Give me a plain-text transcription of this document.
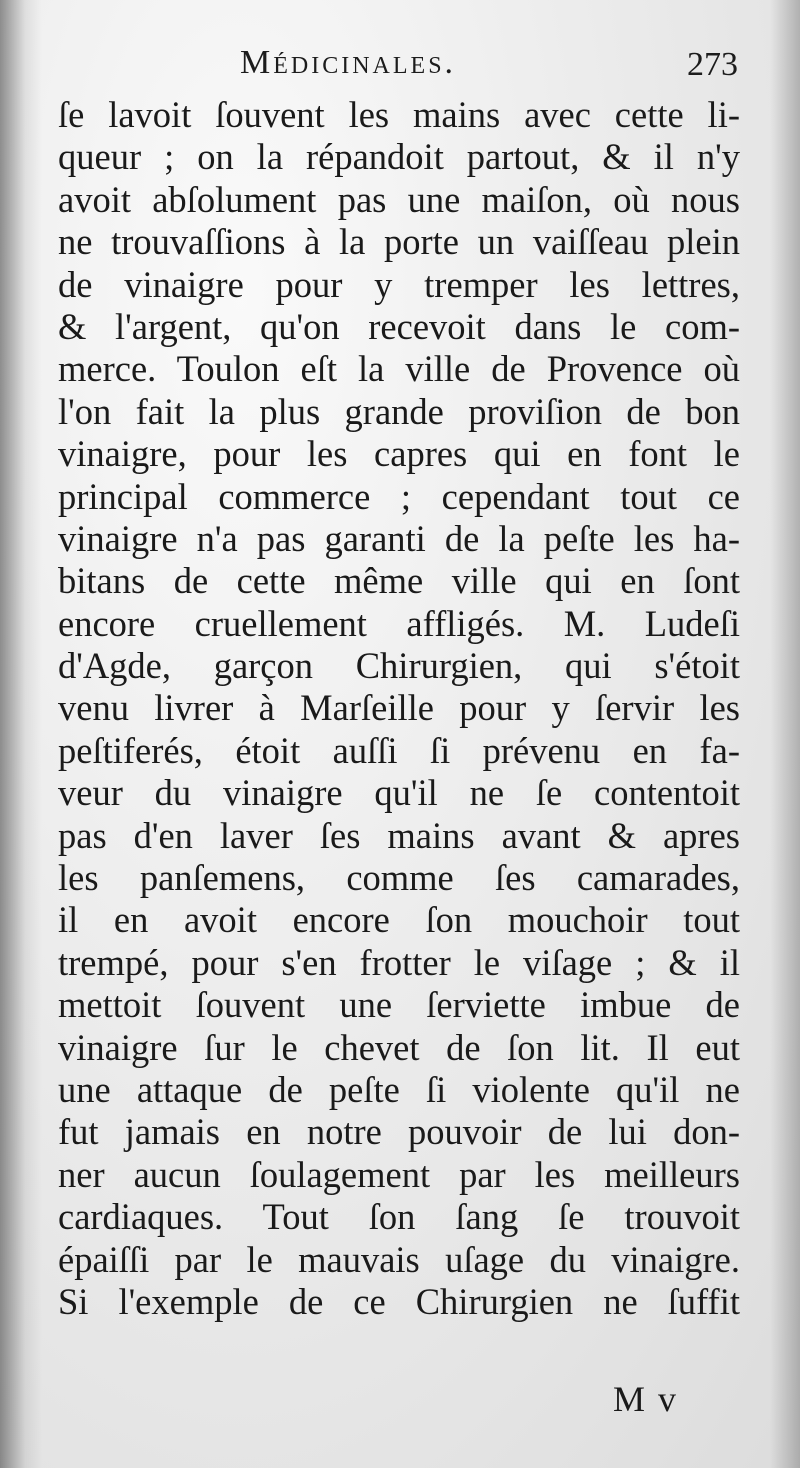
Médicinales.	273
ſe lavoit ſouvent les mains avec cette li-
queur ; on la répandoit partout, & il n'y
avoit abſolument pas une maiſon, où nous
ne trouvaſſions à la porte un vaiſſeau plein
de vinaigre pour y tremper les lettres,
& l'argent, qu'on recevoit dans le com-
merce. Toulon eſt la ville de Provence où
l'on fait la plus grande proviſion de bon
vinaigre, pour les capres qui en font le
principal commerce ; cependant tout ce
vinaigre n'a pas garanti de la peſte les ha-
bitans de cette même ville qui en ſont
encore cruellement affligés. M. Ludeſi
d'Agde, garçon Chirurgien, qui s'étoit
venu livrer à Marſeille pour y ſervir les
peſtiferés, étoit auſſi ſi prévenu en fa-
veur du vinaigre qu'il ne ſe contentoit
pas d'en laver ſes mains avant & apres
les panſemens, comme ſes camarades,
il en avoit encore ſon mouchoir tout
trempé, pour s'en frotter le viſage ; & il
mettoit ſouvent une ſerviette imbue de
vinaigre ſur le chevet de ſon lit. Il eut
une attaque de peſte ſi violente qu'il ne
fut jamais en notre pouvoir de lui don-
ner aucun ſoulagement par les meilleurs
cardiaques. Tout ſon ſang ſe trouvoit
épaiſſi par le mauvais uſage du vinaigre.
Si l'exemple de ce Chirurgien ne ſuffit
M v
